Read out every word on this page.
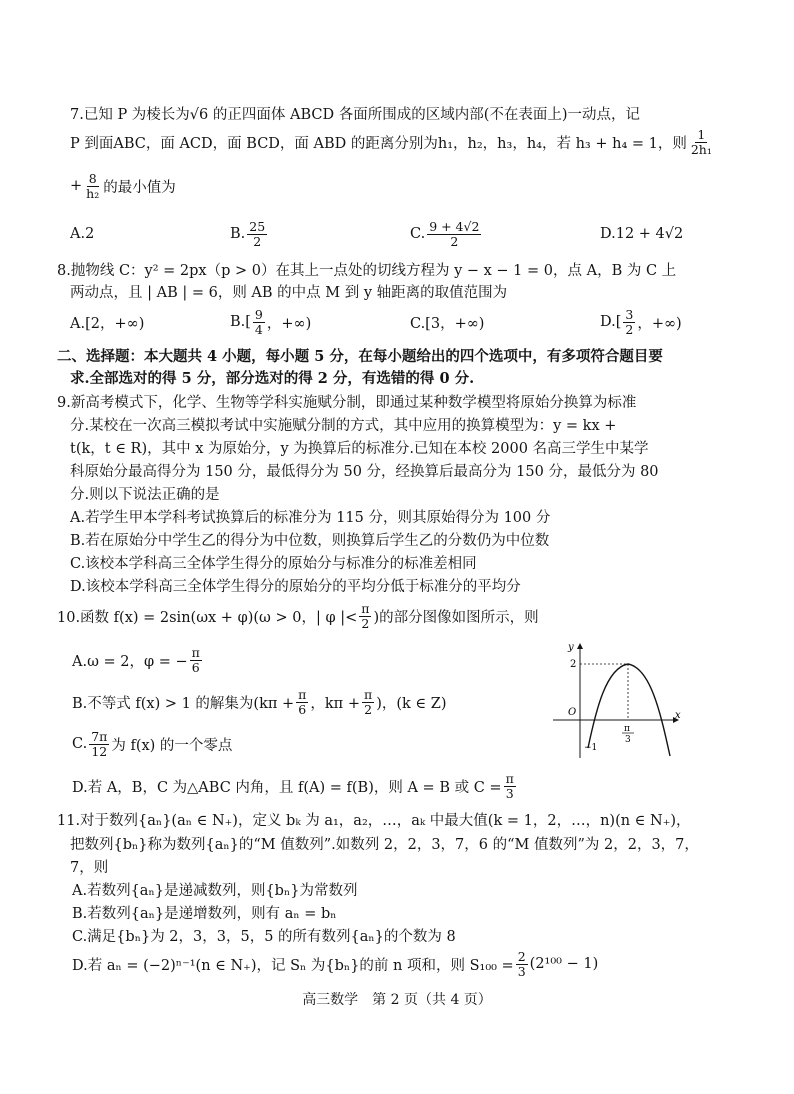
7.已知 P 为棱长为√6 的正四面体 ABCD 各面所围成的区域内部(不在表面上)一动点，记
P 到面ABC，面 ACD，面 BCD，面 ABD 的距离分别为h₁，h₂，h₃，h₄，若 h₃ + h₄ = 1，则 $\frac{1}{\text{2h₁}}$
+ $\frac{8}{\text{h₂}}$ 的最小值为
A.2	B. $\frac{25}{2}$	C. $\frac{9 + 4√2}{2}$	D.12 + 4√2
8.抛物线 C：y² = 2px（p > 0）在其上一点处的切线方程为 y − x − 1 = 0，点 A，B 为 C 上
两动点，且 | AB | = 6，则 AB 的中点 M 到 y 轴距离的取值范围为
A.[2，+∞)	$B.[ \frac{9}{4}$ ，+∞)	C.[3，+∞)	$D.[ \frac{3}{2}$ ，+∞)
二、选择题：本大题共 4 小题，每小题 5 分，在每小题给出的四个选项中，有多项符合题目要
求.全部选对的得 5 分，部分选对的得 2 分，有选错的得 0 分.
9.新高考模式下，化学、生物等学科实施赋分制，即通过某种数学模型将原始分换算为标准
分.某校在一次高三模拟考试中实施赋分制的方式，其中应用的换算模型为：y = kx +
t(k，t ∈ R)，其中 x 为原始分，y 为换算后的标准分.已知在本校 2000 名高三学生中某学
科原始分最高得分为 150 分，最低得分为 50 分，经换算后最高分为 150 分，最低分为 80
分.则以下说法正确的是
A.若学生甲本学科考试换算后的标准分为 115 分，则其原始得分为 100 分
B.若在原始分中学生乙的得分为中位数，则换算后学生乙的分数仍为中位数
C.该校本学科高三全体学生得分的原始分与标准分的标准差相同
D.该校本学科高三全体学生得分的原始分的平均分低于标准分的平均分
10.函数 f(x) = 2sin(ωx + φ)(ω > 0，| φ |< $\frac{\pi}{2}$ )的部分图像如图所示，则
A.ω = 2，φ = − $\frac{\pi}{6}$
B.不等式 f(x) > 1 的解集为($k\pi + \frac{\pi}{6}$ ，$k\pi + \frac{\pi}{2}$ )，(k ∈ Z)
C. $\frac{7\pi}{12}$ 为 f(x) 的一个零点
D.若 A，B，C 为△ABC 内角，且 f(A) = f(B)，则 A = B 或 $C = \frac{\pi}{3}$
y
x
O
2
−1
π
3
11.对于数列{aₙ}(aₙ ∈ N₊)，定义 bₖ 为 a₁，a₂，…，aₖ 中最大值(k = 1，2，…，n)(n ∈ N₊)，
把数列{bₙ}称为数列{aₙ}的“M 值数列”.如数列 2，2，3，7，6 的“M 值数列”为 2，2，3，7，
7，则
A.若数列{aₙ}是递减数列，则{bₙ}为常数列
B.若数列{aₙ}是递增数列，则有 aₙ = bₙ
C.满足{bₙ}为 2，3，3，5，5 的所有数列{aₙ}的个数为 8
D.若 aₙ = (−2)ⁿ⁻¹(n ∈ N₊)，记 Sₙ 为{bₙ}的前 n 项和，则 $S_{100} = \frac{2}{3} (2^{100} - 1)$
高三数学　第 2 页（共 4 页）
